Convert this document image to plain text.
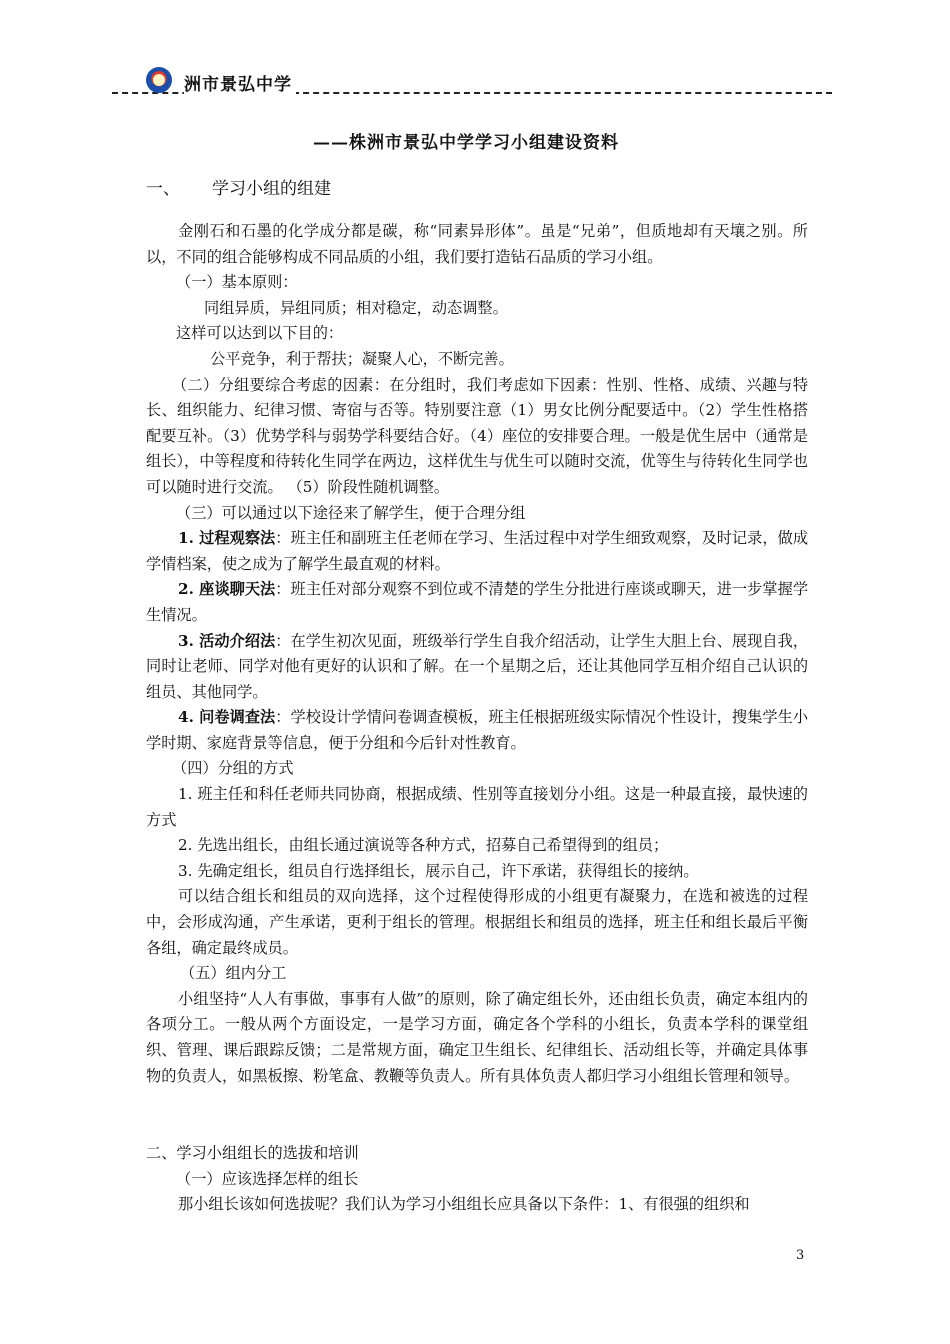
洲市景弘中学
——株洲市景弘中学学习小组建设资料
一、 学习小组的组建

金刚石和石墨的化学成分都是碳，称“同素异形体”。虽是“兄弟”，但质地却有天壤之别。所以，不同的组合能够构成不同品质的小组，我们要打造钻石品质的学习小组。

（一）基本原则：

同组异质，异组同质；相对稳定，动态调整。

这样可以达到以下目的：

公平竞争，利于帮扶；凝聚人心，不断完善。

（二）分组要综合考虑的因素：在分组时，我们考虑如下因素：性别、性格、成绩、兴趣与特长、组织能力、纪律习惯、寄宿与否等。特别要注意（1）男女比例分配要适中。（2）学生性格搭配要互补。（3）优势学科与弱势学科要结合好。（4）座位的安排要合理。一般是优生居中（通常是组长），中等程度和待转化生同学在两边，这样优生与优生可以随时交流，优等生与待转化生同学也可以随时进行交流。 （5）阶段性随机调整。

（三）可以通过以下途径来了解学生，便于合理分组

1. 过程观察法：班主任和副班主任老师在学习、生活过程中对学生细致观察，及时记录，做成学情档案，使之成为了解学生最直观的材料。

2. 座谈聊天法：班主任对部分观察不到位或不清楚的学生分批进行座谈或聊天，进一步掌握学生情况。

3. 活动介绍法：在学生初次见面，班级举行学生自我介绍活动，让学生大胆上台、展现自我，同时让老师、同学对他有更好的认识和了解。在一个星期之后，还让其他同学互相介绍自己认识的组员、其他同学。

4. 问卷调查法：学校设计学情问卷调查模板，班主任根据班级实际情况个性设计，搜集学生小学时期、家庭背景等信息，便于分组和今后针对性教育。

（四）分组的方式

1. 班主任和科任老师共同协商，根据成绩、性别等直接划分小组。这是一种最直接，最快速的方式

2. 先选出组长，由组长通过演说等各种方式，招募自己希望得到的组员；

3. 先确定组长，组员自行选择组长，展示自己，许下承诺，获得组长的接纳。

可以结合组长和组员的双向选择，这个过程使得形成的小组更有凝聚力，在选和被选的过程中，会形成沟通，产生承诺，更利于组长的管理。根据组长和组员的选择，班主任和组长最后平衡各组，确定最终成员。

（五）组内分工

小组坚持“人人有事做，事事有人做”的原则，除了确定组长外，还由组长负责，确定本组内的各项分工。一般从两个方面设定，一是学习方面，确定各个学科的小组长，负责本学科的课堂组织、管理、课后跟踪反馈；二是常规方面，确定卫生组长、纪律组长、活动组长等，并确定具体事物的负责人，如黑板擦、粉笔盒、教鞭等负责人。所有具体负责人都归学习小组组长管理和领导。

二、学习小组组长的选拔和培训

（一）应该选择怎样的组长

那小组长该如何选拔呢？我们认为学习小组组长应具备以下条件：1、有很强的组织和

3
